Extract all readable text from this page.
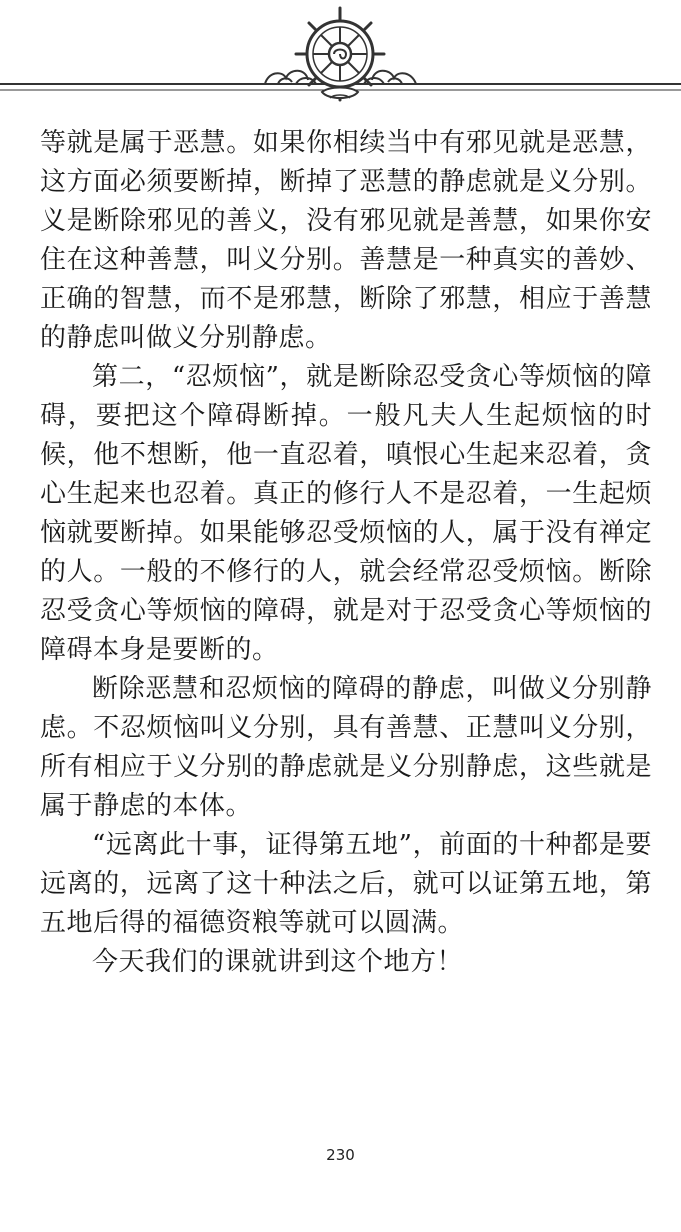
等就是属于恶慧。如果你相续当中有邪见就是恶慧，这方面必须要断掉，断掉了恶慧的静虑就是义分别。义是断除邪见的善义，没有邪见就是善慧，如果你安住在这种善慧，叫义分别。善慧是一种真实的善妙、正确的智慧，而不是邪慧，断除了邪慧，相应于善慧的静虑叫做义分别静虑。

第二，“忍烦恼”，就是断除忍受贪心等烦恼的障碍，要把这个障碍断掉。一般凡夫人生起烦恼的时候，他不想断，他一直忍着，嗔恨心生起来忍着，贪心生起来也忍着。真正的修行人不是忍着，一生起烦恼就要断掉。如果能够忍受烦恼的人，属于没有禅定的人。一般的不修行的人，就会经常忍受烦恼。断除忍受贪心等烦恼的障碍，就是对于忍受贪心等烦恼的障碍本身是要断的。

断除恶慧和忍烦恼的障碍的静虑，叫做义分别静虑。不忍烦恼叫义分别，具有善慧、正慧叫义分别，所有相应于义分别的静虑就是义分别静虑，这些就是属于静虑的本体。

“远离此十事，证得第五地”，前面的十种都是要远离的，远离了这十种法之后，就可以证第五地，第五地后得的福德资粮等就可以圆满。

今天我们的课就讲到这个地方！

230
